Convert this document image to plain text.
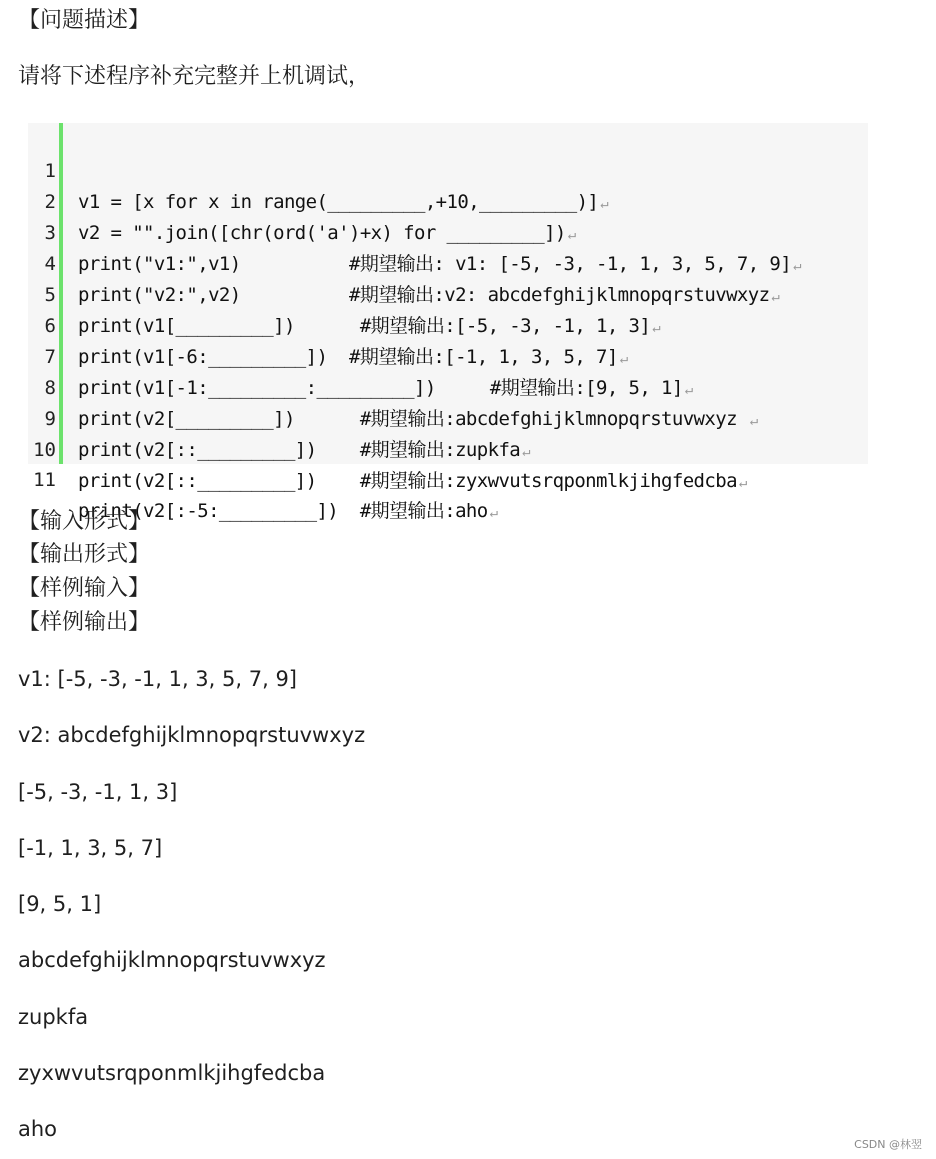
【问题描述】
请将下述程序补充完整并上机调试，

1

v1 = [x for x in range(_________,+10,_________)] ↵

2

v2 = "".join([chr(ord('a')+x) for _________]) ↵

3

print("v1:",v1)          #期望输出: v1: [-5, -3, -1, 1, 3, 5, 7, 9] ↵

4

print("v2:",v2)          #期望输出:v2: abcdefghijklmnopqrstuvwxyz ↵

5

print(v1[_________])      #期望输出:[-5, -3, -1, 1, 3] ↵

6

print(v1[-6:_________])  #期望输出:[-1, 1, 3, 5, 7] ↵

7

print(v1[-1:_________:_________])     #期望输出:[9, 5, 1] ↵

8

print(v2[_________])      #期望输出:abcdefghijklmnopqrstuvwxyz ↵

9

print(v2[::_________])    #期望输出:zupkfa ↵

10

print(v2[::_________])    #期望输出:zyxwvutsrqponmlkjihgfedcba ↵

11

print(v2[:-5:_________])  #期望输出:aho ↵

【输入形式】
【输出形式】
【样例输入】
【样例输出】
v1: [-5, -3, -1, 1, 3, 5, 7, 9]
v2: abcdefghijklmnopqrstuvwxyz
[-5, -3, -1, 1, 3]
[-1, 1, 3, 5, 7]
[9, 5, 1]
abcdefghijklmnopqrstuvwxyz
zupkfa
zyxwvutsrqponmlkjihgfedcba
aho
CSDN @林翌
